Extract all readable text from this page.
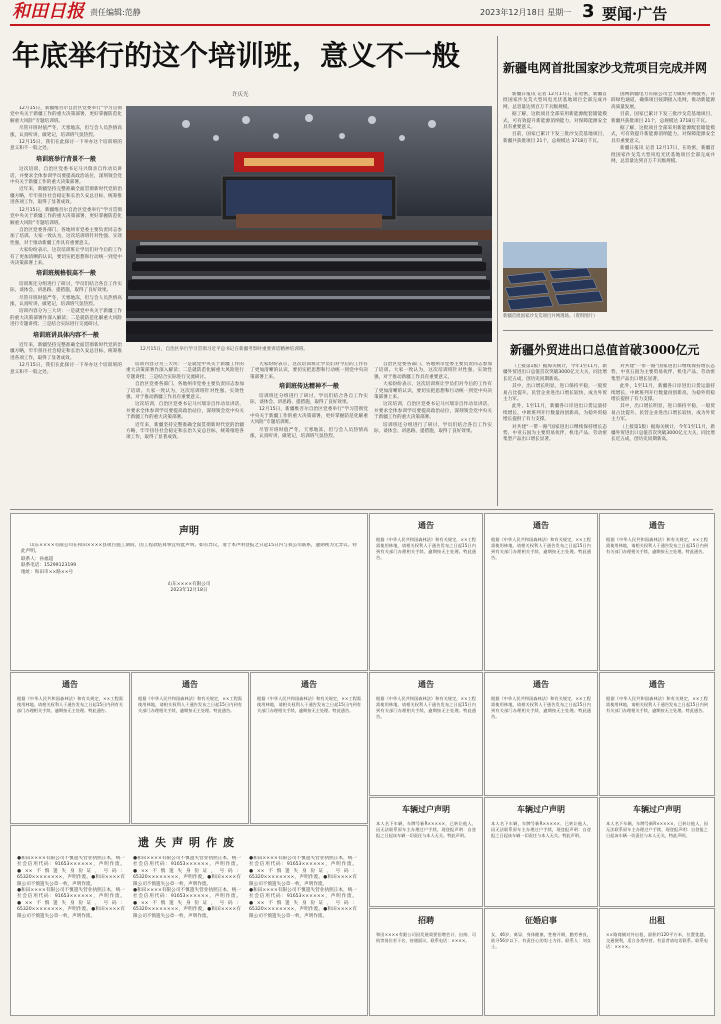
和田日报 责任编辑:范静	2023年12月18日 星期一 3 要闻·广告
年底举行的这个培训班，意义不一般
许庆光

12月15日，新疆维吾尔自治区党委举行“学习贯彻党中央关于新疆工作的重大决策部署，更好掌握防范化解重大风险”专题培训班。

尽管开班时值严冬，天寒地冻，但与会人员热情高涨，认真听讲，做笔记，培训班气氛热烈。

12月15日，我们在此探讨一下举办这个培训班的意义和不一般之处。

培训班举行背景不一般

这次培训，自治区党委书记马兴瑞亲自作动员讲话，并要求全体参训学员要提高政治站位，深刻领会党中央关于新疆工作的重大决策部署。

近年来，新疆坚持完整准确全面贯彻新时代党的治疆方略，牢牢扭住社会稳定和长治久安总目标，统筹推进各项工作，取得了显著成效。

12月15日，新疆维吾尔自治区党委举行“学习贯彻党中央关于新疆工作的重大决策部署，更好掌握防范化解重大风险”专题培训班。

自治区党委各部门、各地州市党委主要负责同志参加了培训。大家一致认为，这次培训班针对性强、实效性强，对于推动新疆工作具有重要意义。

大家纷纷表示，这次培训班让学员们对今后的工作有了更加清晰的认识，要切实把思想和行动统一到党中央决策部署上来。

培训班规格很高不一般

培训班还分组进行了研讨，学员们结合各自工作实际，谈体会、讲思路、提措施，取得了良好效果。

尽管开班时值严冬，天寒地冻，但与会人员热情高涨，认真听讲，做笔记，培训班气氛热烈。

培训内容分为三大块：一是就党中央关于新疆工作的重大决策部署作深入解读；二是就防范化解重大风险进行专题讲授；三是结合实际进行交流研讨。

培训班讲具体内容不一般

近年来，新疆坚持完整准确全面贯彻新时代党的治疆方略，牢牢扭住社会稳定和长治久安总目标，统筹推进各项工作，取得了显著成效。

12月15日，我们在此探讨一下举办这个培训班的意义和不一般之处。

12月15日，自治区举行学习贯彻习近平总书记在新疆考察时重要讲话精神培训班。

培训内容分为三大块：一是就党中央关于新疆工作的重大决策部署作深入解读；二是就防范化解重大风险进行专题讲授；三是结合实际进行交流研讨。

自治区党委各部门、各地州市党委主要负责同志参加了培训。大家一致认为，这次培训班针对性强、实效性强，对于推动新疆工作具有重要意义。

这次培训，自治区党委书记马兴瑞亲自作动员讲话，并要求全体参训学员要提高政治站位，深刻领会党中央关于新疆工作的重大决策部署。

近年来，新疆坚持完整准确全面贯彻新时代党的治疆方略，牢牢扭住社会稳定和长治久安总目标，统筹推进各项工作，取得了显著成效。

大家纷纷表示，这次培训班让学员们对今后的工作有了更加清晰的认识，要切实把思想和行动统一到党中央决策部署上来。

培训班传达精神不一般

培训班还分组进行了研讨，学员们结合各自工作实际，谈体会、讲思路、提措施，取得了良好效果。

12月15日，新疆维吾尔自治区党委举行“学习贯彻党中央关于新疆工作的重大决策部署，更好掌握防范化解重大风险”专题培训班。

尽管开班时值严冬，天寒地冻，但与会人员热情高涨，认真听讲，做笔记，培训班气氛热烈。

自治区党委各部门、各地州市党委主要负责同志参加了培训。大家一致认为，这次培训班针对性强、实效性强，对于推动新疆工作具有重要意义。

大家纷纷表示，这次培训班让学员们对今后的工作有了更加清晰的认识，要切实把思想和行动统一到党中央决策部署上来。

这次培训，自治区党委书记马兴瑞亲自作动员讲话，并要求全体参训学员要提高政治站位，深刻领会党中央关于新疆工作的重大决策部署。

培训班还分组进行了研讨，学员们结合各自工作实际，谈体会、讲思路、提措施，取得了良好效果。

新疆电网首批国家沙戈荒项目完成并网

新疆日报讯 记者 12月17日，在哈密，新疆首批国家沙戈荒大型风电光伏基地项目全部完成并网，总容量达到百万千瓦级规模。

据了解，这批项目全部采用新能源配套储能模式，可有效提升新能源消纳能力，对保障能源安全具有重要意义。

目前，国家已累计下发三批沙戈荒基地项目，新疆共获批项目 21个，总规模达 3718万千瓦。

国网新疆电力有限公司全力做好并网服务，开辟绿色通道，确保项目按期接入电网，推动新能源高质量发展。

目前，国家已累计下发三批沙戈荒基地项目，新疆共获批项目 21个，总规模达 3718万千瓦。

据了解，这批项目全部采用新能源配套储能模式，可有效提升新能源消纳能力，对保障能源安全具有重要意义。

新疆日报讯 记者 12月17日，在哈密，新疆首批国家沙戈荒大型风电光伏基地项目全部完成并网，总容量达到百万千瓦级规模。

新疆首批国家沙戈荒项目并网现场。（资料图片）
新疆外贸进出口总值首破3000亿元

（上接第1版）据海关统计，今年1至11月，新疆外贸进出口总值首次突破3000亿元大关，同比增长近五成，创历史同期新高。

其中，出口增长明显，进口保持平稳，一般贸易占比提升。民营企业进出口增长较快，成为外贸主力军。

此外，1至11月，新疆各口岸进出口货运量持续增长，中欧班列开行数量再创新高，为稳外贸稳增长提供了有力支撑。

对共建“一带一路”国家进出口继续保持增长态势，中亚五国为主要贸易伙伴，机电产品、劳动密集型产品出口增长显著。

对共建“一带一路”国家进出口继续保持增长态势，中亚五国为主要贸易伙伴，机电产品、劳动密集型产品出口增长显著。

此外，1至11月，新疆各口岸进出口货运量持续增长，中欧班列开行数量再创新高，为稳外贸稳增长提供了有力支撑。

其中，出口增长明显，进口保持平稳，一般贸易占比提升。民营企业进出口增长较快，成为外贸主力军。

（上接第1版）据海关统计，今年1至11月，新疆外贸进出口总值首次突破3000亿元大关，同比增长近五成，创历史同期新高。

声明

山东××××有限公司在和田××××县项目施工期间，因工程款结算事宜特此声明。如有异议，请于本声明登报之日起15日内与我公司联系，逾期视为无异议。特此声明。

联系人：孙福超
联系电话：15299123199
地址：和田市××路××号
山东××××有限公司
2023年12月18日
通告
根据《中华人民共和国森林法》和有关规定，××工程需使用林地，请相关权利人于通告发布之日起15日内到有关部门办理相关手续，逾期按无主处理。特此通告。
通告
根据《中华人民共和国森林法》和有关规定，××工程需使用林地，请相关权利人于通告发布之日起15日内到有关部门办理相关手续，逾期按无主处理。特此通告。
通告
根据《中华人民共和国森林法》和有关规定，××工程需使用林地，请相关权利人于通告发布之日起15日内到有关部门办理相关手续，逾期按无主处理。特此通告。
通告
根据《中华人民共和国森林法》和有关规定，××工程需使用林地，请相关权利人于通告发布之日起15日内到有关部门办理相关手续，逾期按无主处理。特此通告。
通告
根据《中华人民共和国森林法》和有关规定，××工程需使用林地，请相关权利人于通告发布之日起15日内到有关部门办理相关手续，逾期按无主处理。特此通告。
通告
根据《中华人民共和国森林法》和有关规定，××工程需使用林地，请相关权利人于通告发布之日起15日内到有关部门办理相关手续，逾期按无主处理。特此通告。
通告
根据《中华人民共和国森林法》和有关规定，××工程需使用林地，请相关权利人于通告发布之日起15日内到有关部门办理相关手续，逾期按无主处理。特此通告。
通告
根据《中华人民共和国森林法》和有关规定，××工程需使用林地，请相关权利人于通告发布之日起15日内到有关部门办理相关手续，逾期按无主处理。特此通告。
通告
根据《中华人民共和国森林法》和有关规定，××工程需使用林地，请相关权利人于通告发布之日起15日内到有关部门办理相关手续，逾期按无主处理。特此通告。
车辆过户声明
本人名下车辆，车牌号新R×××××，已转让他人，因无法联系原车主办理过户手续，现登报声明：自登报之日起该车辆一切责任与本人无关。特此声明。
车辆过户声明
本人名下车辆，车牌号新R×××××，已转让他人，因无法联系原车主办理过户手续，现登报声明：自登报之日起该车辆一切责任与本人无关。特此声明。
车辆过户声明
本人名下车辆，车牌号新R×××××，已转让他人，因无法联系原车主办理过户手续，现登报声明：自登报之日起该车辆一切责任与本人无关。特此声明。
招聘
和田××××有限公司因发展需要招聘会计、出纳、司机等岗位若干名，待遇面议。联系电话：××××。
征婚启事
女，46岁，离异，身体健康，性格开朗，勤劳善良，欲寻56岁以下、有责任心的男士为伴。联系人：刘女士。
出租
××路商铺对外出租，面积约120平方米，位置优越，交通便利，适合各类经营。有意者请电话联系。联系电话：××××。
遗失声明作废
●和田××××有限公司不慎遗失营业执照正本，统一社会信用代码：91653××××××，声明作废。●××不慎遗失身份证，号码：65320××××××××，声明作废。●和田××××有限公司不慎遗失公章一枚，声明作废。
●和田××××有限公司不慎遗失营业执照正本，统一社会信用代码：91653××××××，声明作废。●××不慎遗失身份证，号码：65320××××××××，声明作废。●和田××××有限公司不慎遗失公章一枚，声明作废。
●和田××××有限公司不慎遗失营业执照正本，统一社会信用代码：91653××××××，声明作废。●××不慎遗失身份证，号码：65320××××××××，声明作废。●和田××××有限公司不慎遗失公章一枚，声明作废。
●和田××××有限公司不慎遗失营业执照正本，统一社会信用代码：91653××××××，声明作废。●××不慎遗失身份证，号码：65320××××××××，声明作废。●和田××××有限公司不慎遗失公章一枚，声明作废。
●和田××××有限公司不慎遗失营业执照正本，统一社会信用代码：91653××××××，声明作废。●××不慎遗失身份证，号码：65320××××××××，声明作废。●和田××××有限公司不慎遗失公章一枚，声明作废。
●和田××××有限公司不慎遗失营业执照正本，统一社会信用代码：91653××××××，声明作废。●××不慎遗失身份证，号码：65320××××××××，声明作废。●和田××××有限公司不慎遗失公章一枚，声明作废。
